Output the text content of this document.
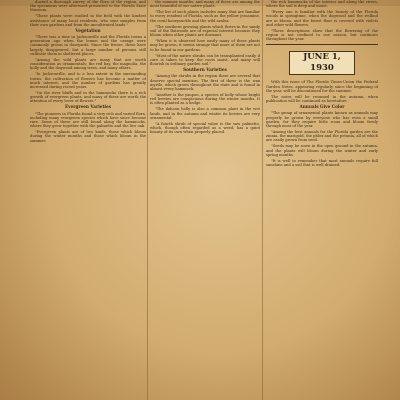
ducted a thorough survey of the flora of the region, and the specimens were afterward presented to the Florida State Museum.

"These plants were studied in the field with the kindest assistance of many local residents, who sent samples from their own gardens and from the uncultivated lands."

Vegetation

"There was a time in Jacksonville and the Florida towns a generation ago when the lemon and the orange were commonly grown in dooryards. Since the freeze, these have largely disappeared, but a large number of persons still cultivate them in sheltered places.

"Among the wild plants are many that are worth consideration as ornamentals; the red bay, the magnolia, the holly and the dogwood among trees, and many others.

"In Jacksonville, and to a less extent in the surrounding towns, the cultivation of flowers has become a matter of much interest, and the number of gardens has greatly increased during recent years.

"On the river bluffs and in the hammocks there is a rich growth of evergreen plants, and many of these are worth the attention of every lover of flowers."

Evergreen Varieties

"The pioneers in Florida found a very rich and varied flora, including many evergreen species which have since become rare. Some of these are still found along the hammocks, where they grow together with the palmetto and the live oak.

"Evergreen plants are of two kinds, those which bloom during the winter months and those which bloom in the summer.

the summer months, and many of these are among the most beautiful of our native plants.

"The list of such plants includes many that are familiar to every resident of Florida, such as the yellow jessamine, the coral honeysuckle and the wild azalea.

"The southern growing plants which thrive in the sandy soil of the flatwoods are of especial interest because they bloom when other plants are dormant.

"When it is observed how easily many of these plants may be grown, it seems strange that more of them are not to be found in our gardens.

"Most of the native shrubs can be transplanted easily if care is taken to keep the roots moist, and many will flourish in ordinary garden soil."

Southern Varieties

"Among the shrubs in the region there are several that deserve special mention. The first of these is the wax myrtle, which grows throughout the state and is found in almost every hammock.

"Another is the yaupon, a species of holly whose bright red berries are conspicuous during the winter months. It is often planted as a hedge.

"The dahoon holly is also a common plant in the wet lands, and in the autumn and winter its berries are very ornamental.

"A fourth shrub of special value is the saw palmetto, which, though often regarded as a weed, has a quiet beauty of its own when properly placed.

the rich hammocks of the interior and along the rivers, where the soil is deep and moist.

"Every one is familiar with the beauty of the Florida woods in springtime, when the dogwood and the redbud are in bloom, and the forest floor is covered with violets and other wild flowers.

"These descriptions show that the flowering of the region is not confined to one season, but continues throughout the year.

JUNE 1, 1930

With this issue of The Florida Times-Union the Federal Garden Notes, appearing regularly since the beginning of the year, will be discontinued for the summer.

The notes will be resumed in the autumn, when publication will be continued as heretofore.

Annuals Give Color

"The group of ornamental plants known as annuals may properly be grown by everyone who has even a small garden, for they require little room and bloom freely through most of the year.

"Among the best annuals for the Florida garden are the zinnia, the marigold, the phlox and the petunia, all of which are easily grown from seed.

"Seeds may be sown in the open ground in the autumn, and the plants will bloom during the winter and early spring months.

"It is well to remember that most annuals require full sunshine and a soil that is well drained.
